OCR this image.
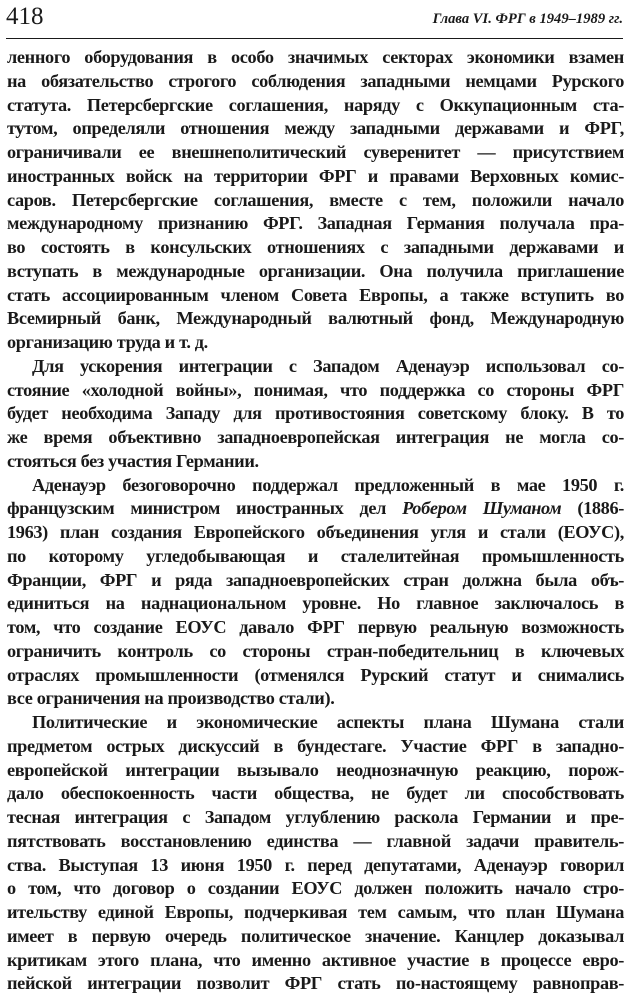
418	Глава VI. ФРГ в 1949–1989 гг.
ленного оборудования в особо значимых секторах экономики взамен
на обязательство строгого соблюдения западными немцами Рурского
статута. Петерсбергские соглашения, наряду с Оккупационным ста-
тутом, определяли отношения между западными державами и ФРГ,
ограничивали ее внешнеполитический суверенитет — присутствием
иностранных войск на территории ФРГ и правами Верховных комис-
саров. Петерсбергские соглашения, вместе с тем, положили начало
международному признанию ФРГ. Западная Германия получала пра-
во состоять в консульских отношениях с западными державами и
вступать в международные организации. Она получила приглашение
стать ассоциированным членом Совета Европы, а также вступить во
Всемирный банк, Международный валютный фонд, Международную
организацию труда и т. д.
Для ускорения интеграции с Западом Аденауэр использовал со-
стояние «холодной войны», понимая, что поддержка со стороны ФРГ
будет необходима Западу для противостояния советскому блоку. В то
же время объективно западноевропейская интеграция не могла со-
стояться без участия Германии.
Аденауэр безоговорочно поддержал предложенный в мае 1950 г.
французским министром иностранных дел Робером Шуманом (1886-
1963) план создания Европейского объединения угля и стали (ЕОУС),
по которому угледобывающая и сталелитейная промышленность
Франции, ФРГ и ряда западноевропейских стран должна была объ-
единиться на наднациональном уровне. Но главное заключалось в
том, что создание ЕОУС давало ФРГ первую реальную возможность
ограничить контроль со стороны стран-победительниц в ключевых
отраслях промышленности (отменялся Рурский статут и снимались
все ограничения на производство стали).
Политические и экономические аспекты плана Шумана стали
предметом острых дискуссий в бундестаге. Участие ФРГ в западно-
европейской интеграции вызывало неоднозначную реакцию, порож-
дало обеспокоенность части общества, не будет ли способствовать
тесная интеграция с Западом углублению раскола Германии и пре-
пятствовать восстановлению единства — главной задачи правитель-
ства. Выступая 13 июня 1950 г. перед депутатами, Аденауэр говорил
о том, что договор о создании ЕОУС должен положить начало стро-
ительству единой Европы, подчеркивая тем самым, что план Шумана
имеет в первую очередь политическое значение. Канцлер доказывал
критикам этого плана, что именно активное участие в процессе евро-
пейской интеграции позволит ФРГ стать по-настоящему равноправ-
